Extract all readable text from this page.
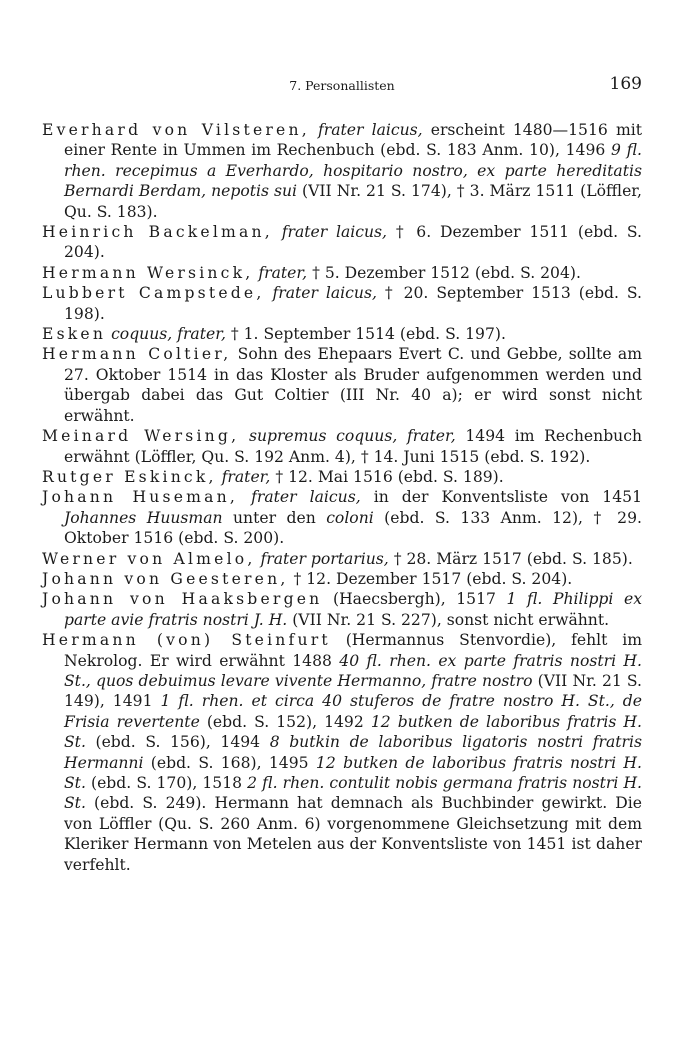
7. Personallisten	169

Everhard von Vilsteren, frater laicus, erscheint 1480—1516 mit einer Rente in Ummen im Rechenbuch (ebd. S. 183 Anm. 10), 1496 9 fl. rhen. recepimus a Everhardo, hospitario nostro, ex parte hereditatis Bernardi Berdam, nepotis sui (VII Nr. 21 S. 174), † 3. März 1511 (Löffler, Qu. S. 183).

Heinrich Backelman, frater laicus, † 6. Dezember 1511 (ebd. S. 204).

Hermann Wersinck, frater, † 5. Dezember 1512 (ebd. S. 204).

Lubbert Campstede, frater laicus, † 20. September 1513 (ebd. S. 198).

Esken coquus, frater, † 1. September 1514 (ebd. S. 197).

Hermann Coltier, Sohn des Ehepaars Evert C. und Gebbe, sollte am 27. Oktober 1514 in das Kloster als Bruder aufgenommen werden und übergab dabei das Gut Coltier (III Nr. 40 a); er wird sonst nicht erwähnt.

Meinard Wersing, supremus coquus, frater, 1494 im Rechenbuch erwähnt (Löffler, Qu. S. 192 Anm. 4), † 14. Juni 1515 (ebd. S. 192).

Rutger Eskinck, frater, † 12. Mai 1516 (ebd. S. 189).

Johann Huseman, frater laicus, in der Konventsliste von 1451 Johannes Huusman unter den coloni (ebd. S. 133 Anm. 12), † 29. Oktober 1516 (ebd. S. 200).

Werner von Almelo, frater portarius, † 28. März 1517 (ebd. S. 185).

Johann von Geesteren, † 12. Dezember 1517 (ebd. S. 204).

Johann von Haaksbergen (Haecsbergh), 1517 1 fl. Philippi ex parte avie fratris nostri J. H. (VII Nr. 21 S. 227), sonst nicht erwähnt.

Hermann (von) Steinfurt (Hermannus Stenvordie), fehlt im Nekrolog. Er wird erwähnt 1488 40 fl. rhen. ex parte fratris nostri H. St., quos debuimus levare vivente Hermanno, fratre nostro (VII Nr. 21 S. 149), 1491 1 fl. rhen. et circa 40 stuferos de fratre nostro H. St., de Frisia revertente (ebd. S. 152), 1492 12 butken de laboribus fratris H. St. (ebd. S. 156), 1494 8 butkin de laboribus ligatoris nostri fratris Hermanni (ebd. S. 168), 1495 12 butken de laboribus fratris nostri H. St. (ebd. S. 170), 1518 2 fl. rhen. contulit nobis germana fratris nostri H. St. (ebd. S. 249). Hermann hat demnach als Buchbinder gewirkt. Die von Löffler (Qu. S. 260 Anm. 6) vorgenommene Gleichsetzung mit dem Kleriker Hermann von Metelen aus der Konventsliste von 1451 ist daher verfehlt.
